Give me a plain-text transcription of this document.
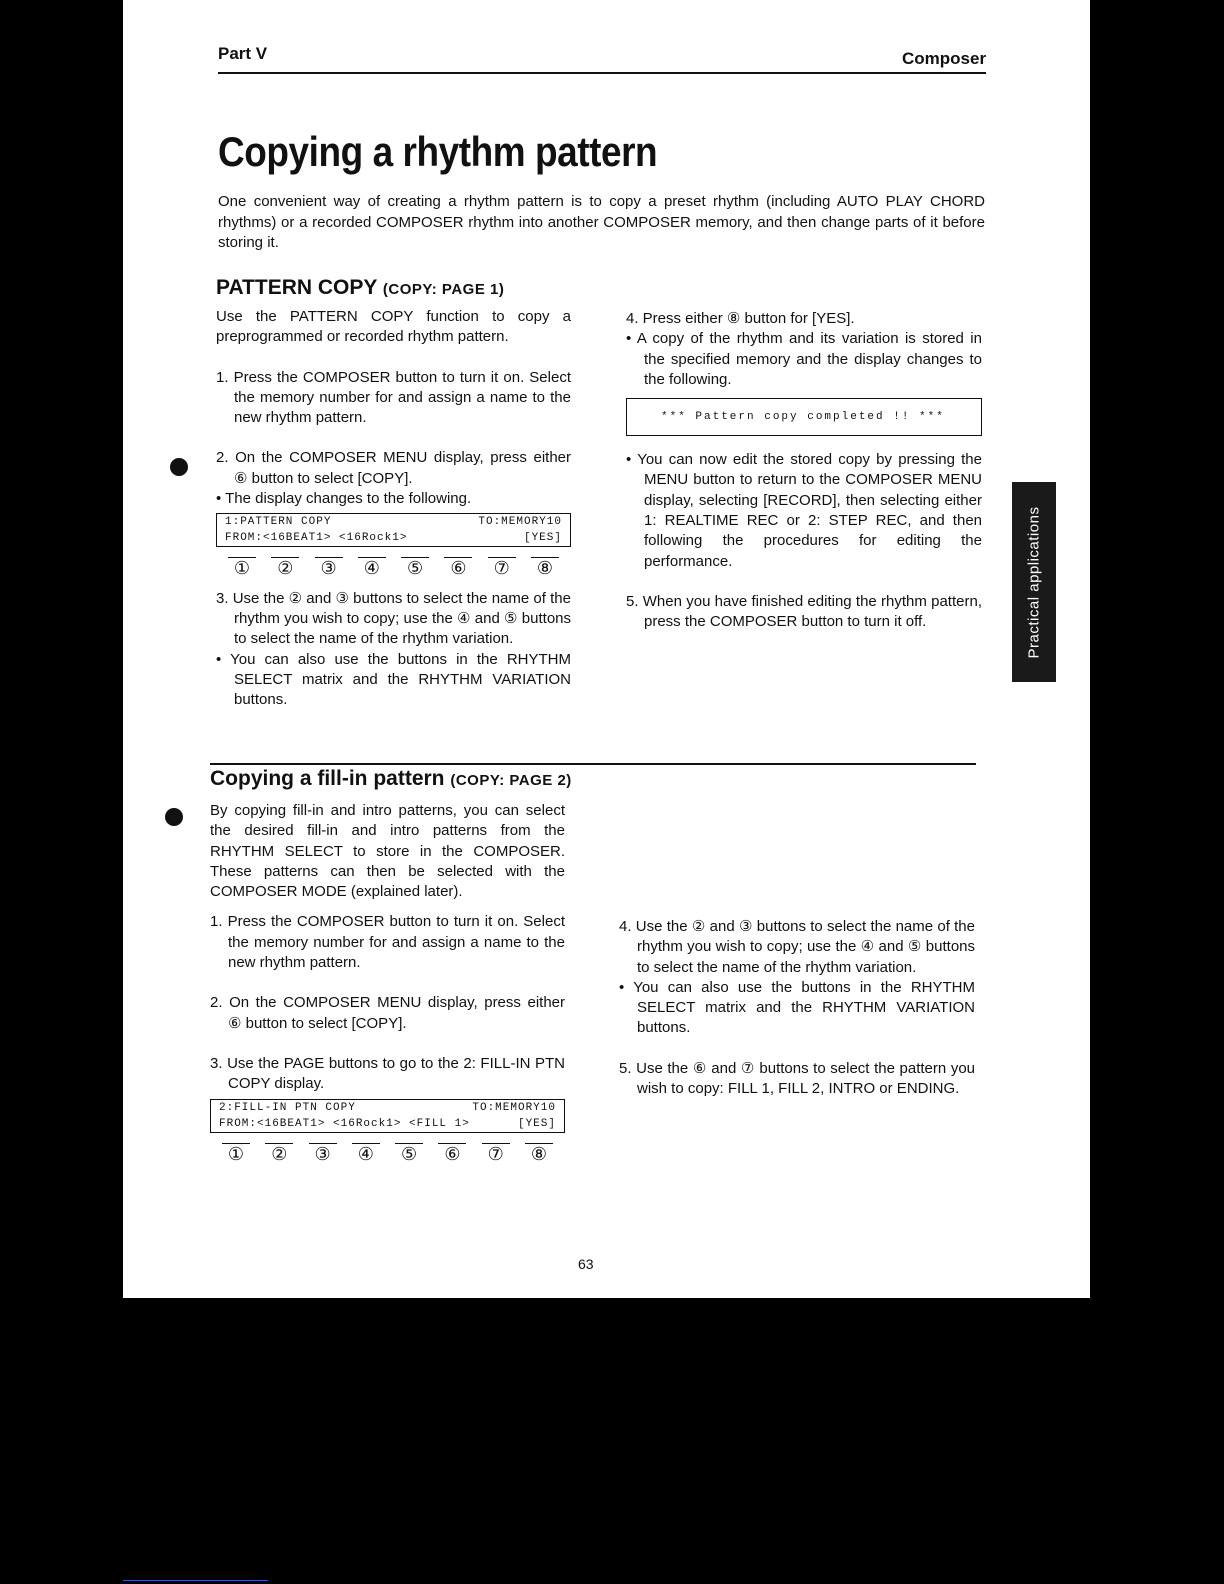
Part V	Composer
Copying a rhythm pattern
One convenient way of creating a rhythm pattern is to copy a preset rhythm (including AUTO PLAY CHORD rhythms) or a recorded COMPOSER rhythm into another COMPOSER memory, and then change parts of it before storing it.
Practical applications
PATTERN COPY (COPY: PAGE 1)

Use the PATTERN COPY function to copy a preprogrammed or recorded rhythm pattern.

1. Press the COMPOSER button to turn it on. Select the memory number for and assign a name to the new rhythm pattern.

2. On the COMPOSER MENU display, press either ⑥ button to select [COPY].

• The display changes to the following.

1:PATTERN COPY	TO:MEMORY10
FROM:<16BEAT1> <16Rock1>	[YES]
①	②	③	④	⑤	⑥	⑦	⑧

3. Use the ② and ③ buttons to select the name of the rhythm you wish to copy; use the ④ and ⑤ buttons to select the name of the rhythm variation.

• You can also use the buttons in the RHYTHM SELECT matrix and the RHYTHM VARIATION buttons.

4. Press either ⑧ button for [YES].

• A copy of the rhythm and its variation is stored in the specified memory and the display changes to the following.

*** Pattern copy completed !! ***

• You can now edit the stored copy by pressing the MENU button to return to the COMPOSER MENU display, selecting [RECORD], then selecting either 1: REALTIME REC or 2: STEP REC, and then following the procedures for editing the performance.

5. When you have finished editing the rhythm pattern, press the COMPOSER button to turn it off.

Copying a fill-in pattern (COPY: PAGE 2)

By copying fill-in and intro patterns, you can select the desired fill-in and intro patterns from the RHYTHM SELECT to store in the COMPOSER. These patterns can then be selected with the COMPOSER MODE (explained later).

1. Press the COMPOSER button to turn it on. Select the memory number for and assign a name to the new rhythm pattern.

2. On the COMPOSER MENU display, press either ⑥ button to select [COPY].

3. Use the PAGE buttons to go to the 2: FILL-IN PTN COPY display.

2:FILL-IN PTN COPY	TO:MEMORY10
FROM:<16BEAT1> <16Rock1> <FILL 1>	[YES]
①	②	③	④	⑤	⑥	⑦	⑧

4. Use the ② and ③ buttons to select the name of the rhythm you wish to copy; use the ④ and ⑤ buttons to select the name of the rhythm variation.

• You can also use the buttons in the RHYTHM SELECT matrix and the RHYTHM VARIATION buttons.

5. Use the ⑥ and ⑦ buttons to select the pattern you wish to copy: FILL 1, FILL 2, INTRO or ENDING.

63
